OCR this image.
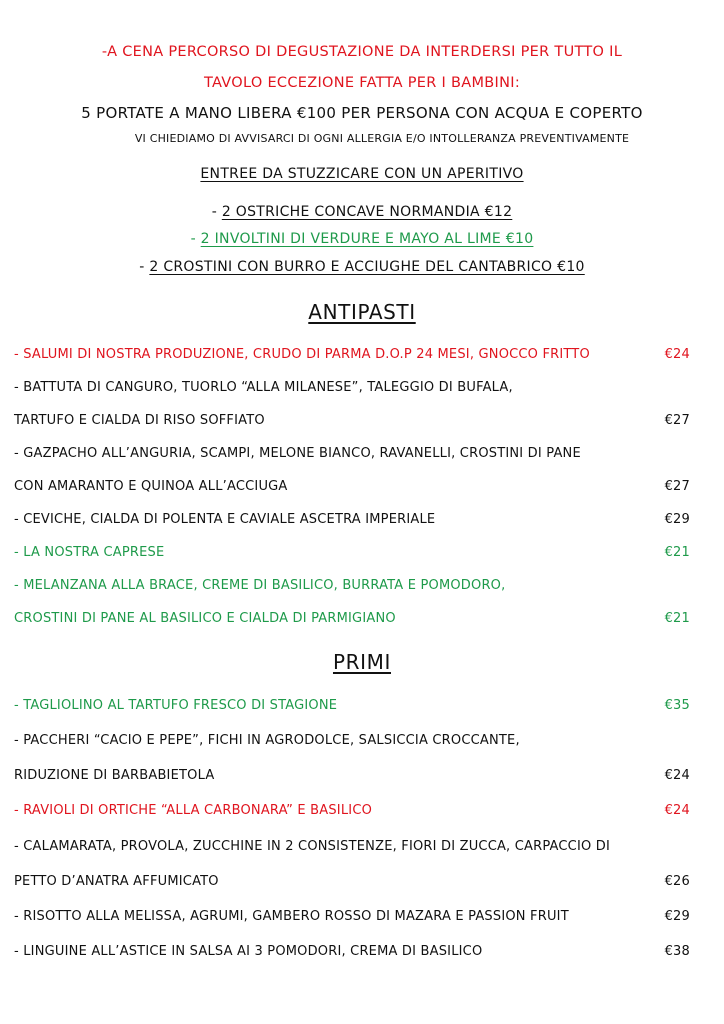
-A CENA PERCORSO DI DEGUSTAZIONE DA INTERDERSI PER TUTTO IL
TAVOLO ECCEZIONE FATTA PER I BAMBINI:
5 PORTATE A MANO LIBERA €100 PER PERSONA CON ACQUA E COPERTO
VI CHIEDIAMO DI AVVISARCI DI OGNI ALLERGIA E/O INTOLLERANZA PREVENTIVAMENTE
ENTREE DA STUZZICARE CON UN APERITIVO
- 2 OSTRICHE CONCAVE NORMANDIA €12
- 2 INVOLTINI DI VERDURE E MAYO AL LIME €10
- 2 CROSTINI CON BURRO E ACCIUGHE DEL CANTABRICO €10
ANTIPASTI
- SALUMI DI NOSTRA PRODUZIONE, CRUDO DI PARMA D.O.P 24 MESI, GNOCCO FRITTO	€24
- BATTUTA DI CANGURO, TUORLO “ALLA MILANESE”, TALEGGIO DI BUFALA,
TARTUFO E CIALDA DI RISO SOFFIATO	€27
- GAZPACHO ALL’ANGURIA, SCAMPI, MELONE BIANCO, RAVANELLI, CROSTINI DI PANE
CON AMARANTO E QUINOA ALL’ACCIUGA	€27
- CEVICHE, CIALDA DI POLENTA E CAVIALE ASCETRA IMPERIALE	€29
- LA NOSTRA CAPRESE	€21
- MELANZANA ALLA BRACE, CREME DI BASILICO, BURRATA E POMODORO,
CROSTINI DI PANE AL BASILICO E CIALDA DI PARMIGIANO	€21
PRIMI
- TAGLIOLINO AL TARTUFO FRESCO DI STAGIONE	€35
- PACCHERI “CACIO E PEPE”, FICHI IN AGRODOLCE, SALSICCIA CROCCANTE,
RIDUZIONE DI BARBABIETOLA	€24
- RAVIOLI DI ORTICHE “ALLA CARBONARA” E BASILICO	€24
- CALAMARATA, PROVOLA, ZUCCHINE IN 2 CONSISTENZE, FIORI DI ZUCCA, CARPACCIO DI
PETTO D’ANATRA AFFUMICATO	€26
- RISOTTO ALLA MELISSA, AGRUMI, GAMBERO ROSSO DI MAZARA E PASSION FRUIT	€29
- LINGUINE ALL’ASTICE IN SALSA AI 3 POMODORI, CREMA DI BASILICO	€38
